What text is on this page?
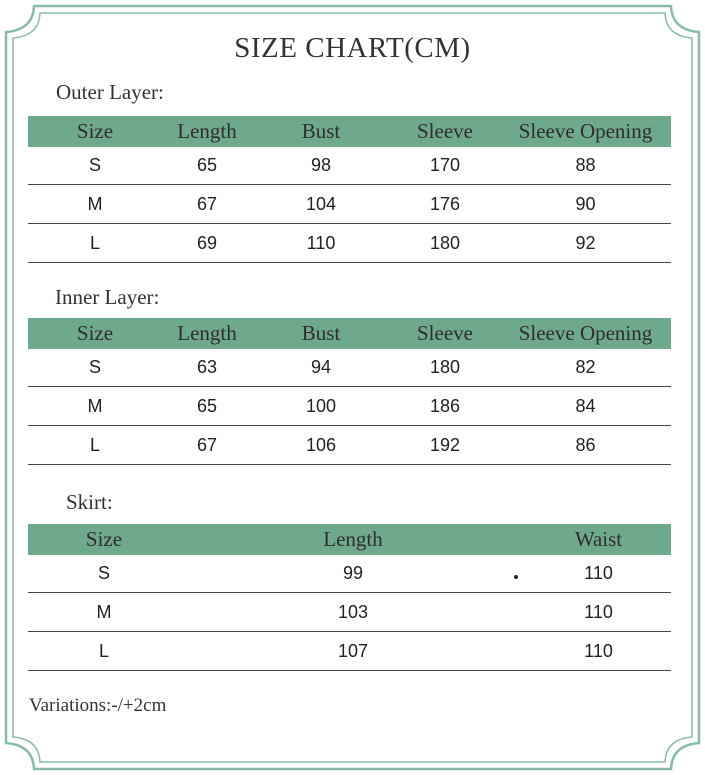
SIZE CHART(CM)
Outer Layer:
Size	Length	Bust	Sleeve	Sleeve Opening
S	65	98	170	88
M	67	104	176	90
L	69	110	180	92
Inner Layer:
Size	Length	Bust	Sleeve	Sleeve Opening
S	63	94	180	82
M	65	100	186	84
L	67	106	192	86
Skirt:
Size	Length	Waist
S	99	110
M	103	110
L	107	110
Variations:-/+2cm
